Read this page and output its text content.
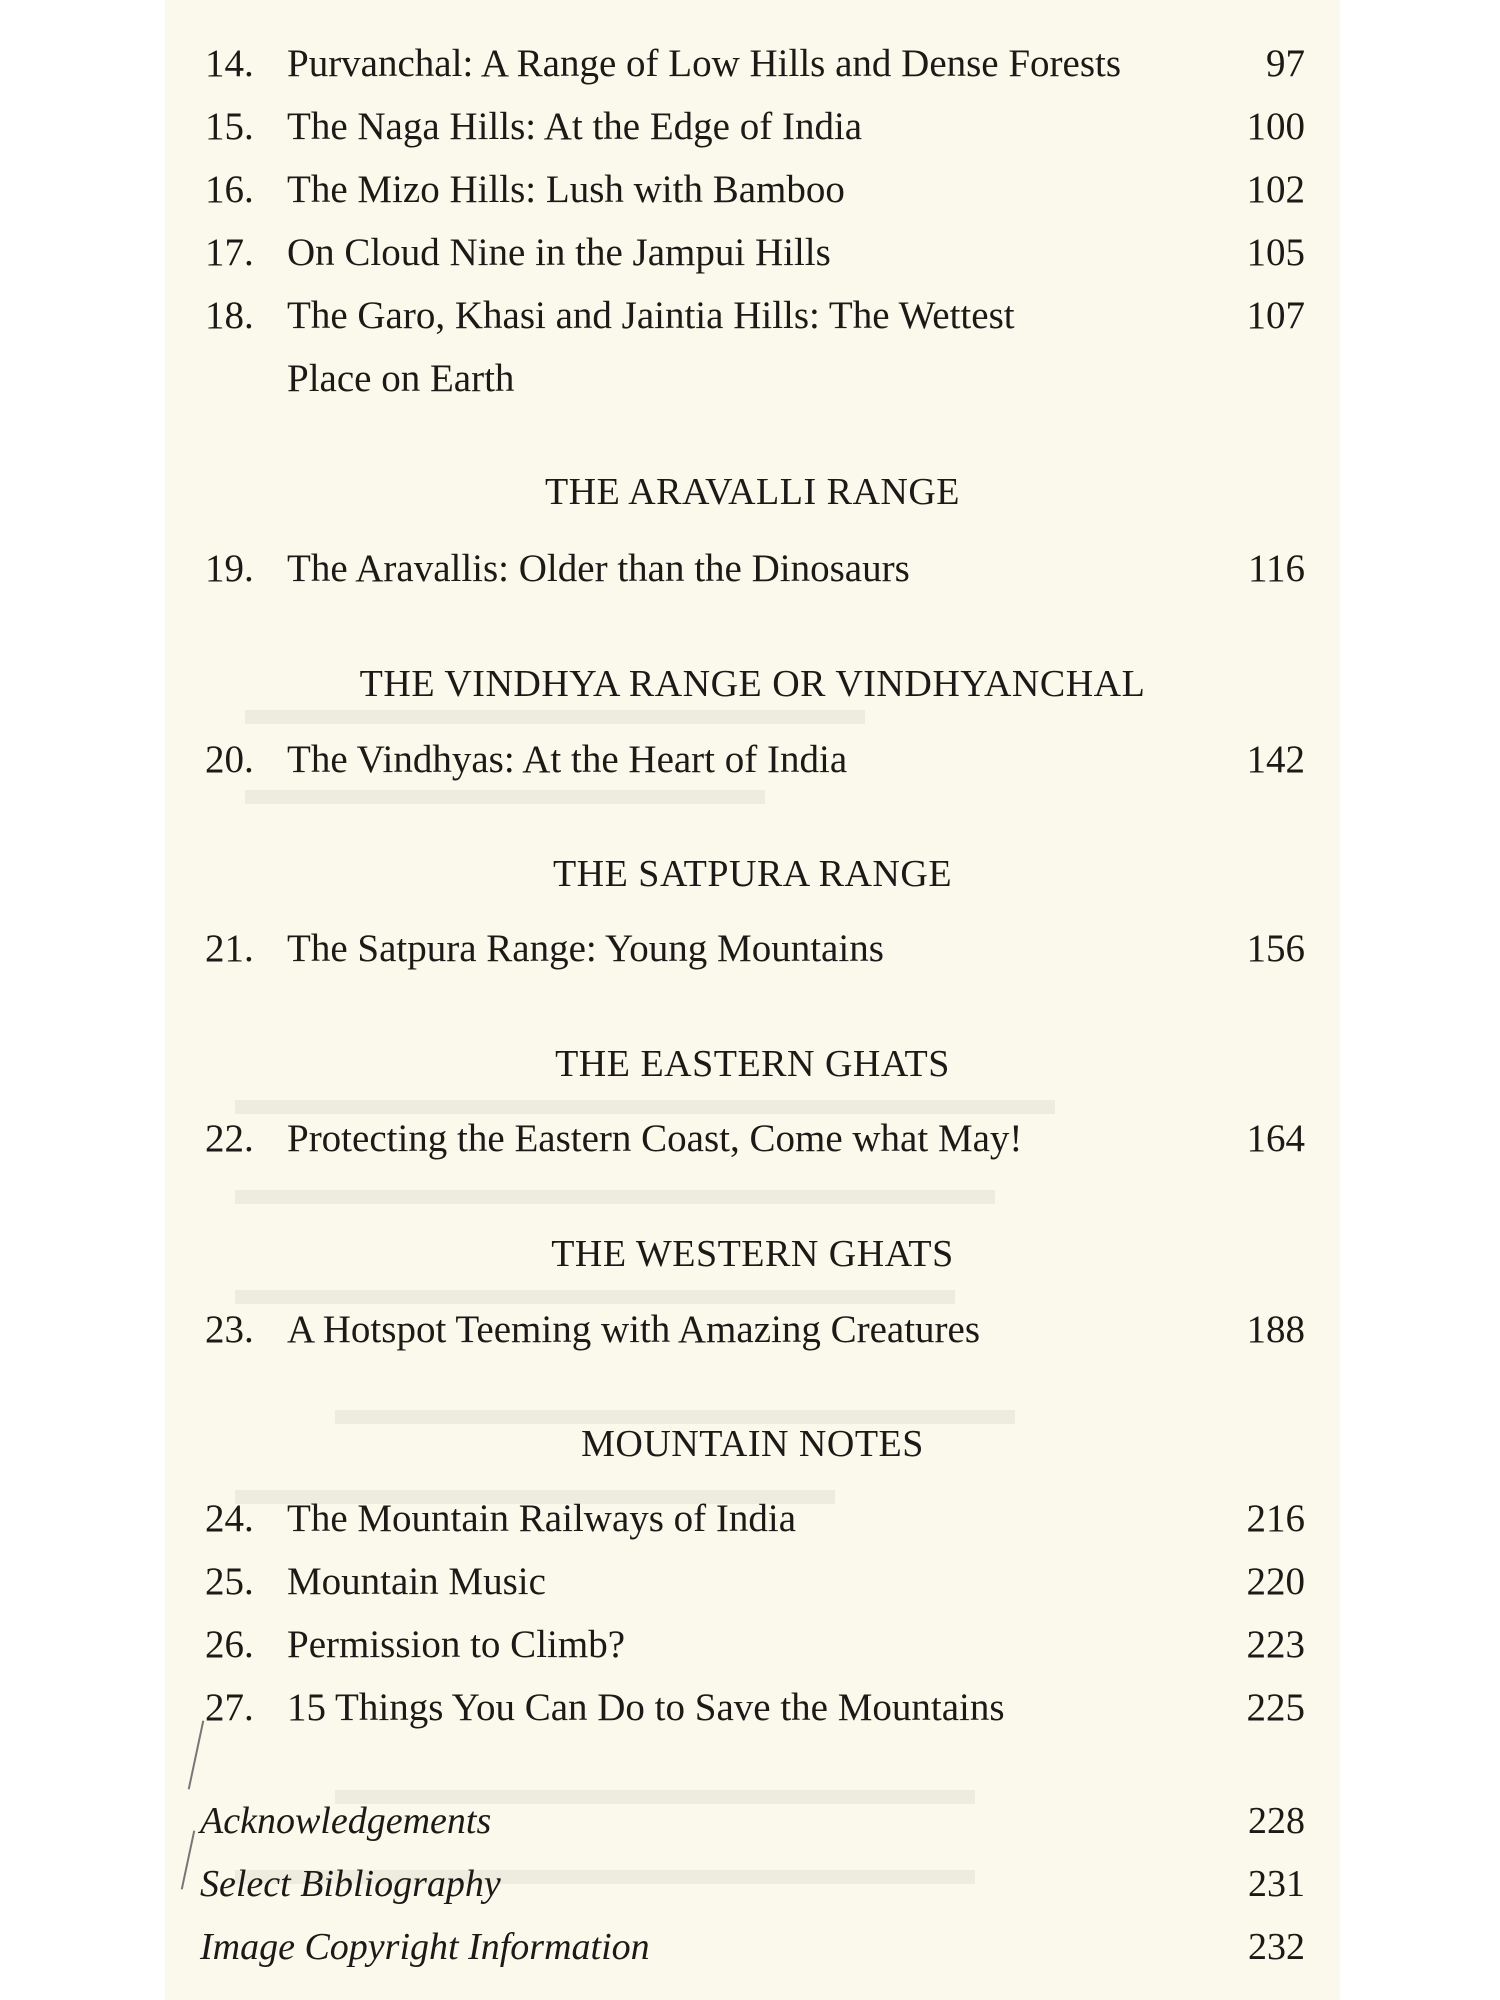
14. Purvanchal: A Range of Low Hills and Dense Forests	97
15. The Naga Hills: At the Edge of India	100
16. The Mizo Hills: Lush with Bamboo	102
17. On Cloud Nine in the Jampui Hills	105
18. The Garo, Khasi and Jaintia Hills: The Wettest	107
Place on Earth
THE ARAVALLI RANGE
19. The Aravallis: Older than the Dinosaurs	116
THE VINDHYA RANGE OR VINDHYANCHAL
20. The Vindhyas: At the Heart of India	142
THE SATPURA RANGE
21. The Satpura Range: Young Mountains	156
THE EASTERN GHATS
22. Protecting the Eastern Coast, Come what May!	164
THE WESTERN GHATS
23. A Hotspot Teeming with Amazing Creatures	188
MOUNTAIN NOTES
24. The Mountain Railways of India	216
25. Mountain Music	220
26. Permission to Climb?	223
27. 15 Things You Can Do to Save the Mountains	225
Acknowledgements	228
Select Bibliography	231
Image Copyright Information	232
